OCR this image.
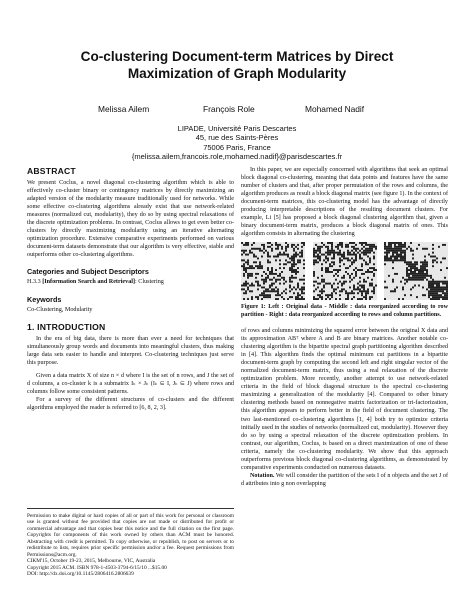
Co-clustering Document-term Matrices by Direct
Maximization of Graph Modularity
Melissa Ailem	François Role	Mohamed Nadif
LIPADE, Université Paris Descartes
45, rue des Saints-Pères
75006 Paris, France
{melissa.ailem,francois.role,mohamed.nadif}@parisdescartes.fr
ABSTRACT

We present Coclus, a novel diagonal co-clustering algorithm which is able to effectively co-cluster binary or contingency matrices by directly maximizing an adapted version of the modularity measure traditionally used for networks. While some effective co-clustering algorithms already exist that use network-related measures (normalized cut, modularity), they do so by using spectral relaxations of the discrete optimization problems. In contrast, Coclus allows to get even better co-clusters by directly maximizing modularity using an iterative alternating optimization procedure. Extensive comparative experiments performed on various document-term datasets demonstrate that our algorithm is very effective, stable and outperforms other co-clustering algorithms.

Categories and Subject Descriptors

H.3.3 [Information Search and Retrieval]: Clustering

Keywords

Co-Clustering, Modularity

1. INTRODUCTION

In the era of big data, there is more than ever a need for techniques that simultaneously group words and documents into meaningful clusters, thus making large data sets easier to handle and interpret. Co-clustering techniques just serve this purpose.

Given a data matrix X of size n × d where I is the set of n rows, and J the set of d columns, a co-cluster k is a submatrix Iₖ × Jₖ (Iₖ ⊆ I, Jₖ ⊆ J) where rows and columns follow some consistent patterns.

For a survey of the different structures of co-clusters and the different algorithms employed the reader is referred to [6, 8, 2, 3].

Permission to make digital or hard copies of all or part of this work for personal or classroom use is granted without fee provided that copies are not made or distributed for profit or commercial advantage and that copies bear this notice and the full citation on the first page. Copyrights for components of this work owned by others than ACM must be honored. Abstracting with credit is permitted. To copy otherwise, or republish, to post on servers or to redistribute to lists, requires prior specific permission and/or a fee. Request permissions from Permissions@acm.org.

CIKM'15, October 19-23, 2015, Melbourne, VIC, Australia

Copyright 2015 ACM. ISBN 978-1-4503-3794-6/15/10 ...$15.00

DOI: http://dx.doi.org/10.1145/2806416.2806639

In this paper, we are especially concerned with algorithms that seek an optimal block diagonal co-clustering, meaning that data points and features have the same number of clusters and that, after proper permutation of the rows and columns, the algorithm produces as result a block diagonal matrix (see figure 1). In the context of document-term matrices, this co-clustering model has the advantage of directly producing interpretable descriptions of the resulting document clusters. For example, Li [5] has proposed a block diagonal clustering algorithm that, given a binary document-term matrix, produces a block diagonal matrix of ones. This algorithm consists in alternating the clustering

Figure 1: Left : Original data - Middle : data reorganized according to row partition - Right : data reorganized according to rows and column partitions.

of rows and columns minimizing the squared error between the original X data and its approximation ABᵀ where A and B are binary matrices. Another notable co-clustering algorithm is the bipartite spectral graph partitioning algorithm described in [4]. This algorithm finds the optimal minimum cut partitions in a bipartite document-term graph by computing the second left and right singular vector of the normalized document-term matrix, thus using a real relaxation of the discrete optimization problem. More recently, another attempt to use network-related criteria in the field of block diagonal structure is the spectral co-clustering maximizing a generalization of the modularity [4]. Compared to other binary clustering methods based on nonnegative matrix factorization or tri-factorization, this algorithm appears to perform better in the field of document clustering. The two last-mentioned co-clustering algorithms [1, 4] both try to optimize criteria initially used in the studies of networks (normalized cut, modularity). However they do so by using a spectral relaxation of the discrete optimization problem. In contrast, our algorithm, Coclus, is based on a direct maximization of one of these criteria, namely the co-clustering modularity. We show that this approach outperforms previous block diagonal co-clustering algorithms, as demonstrated by comparative experiments conducted on numerous datasets.

Notation. We will consider the partition of the sets I of n objects and the set J of d attributes into g non overlapping
